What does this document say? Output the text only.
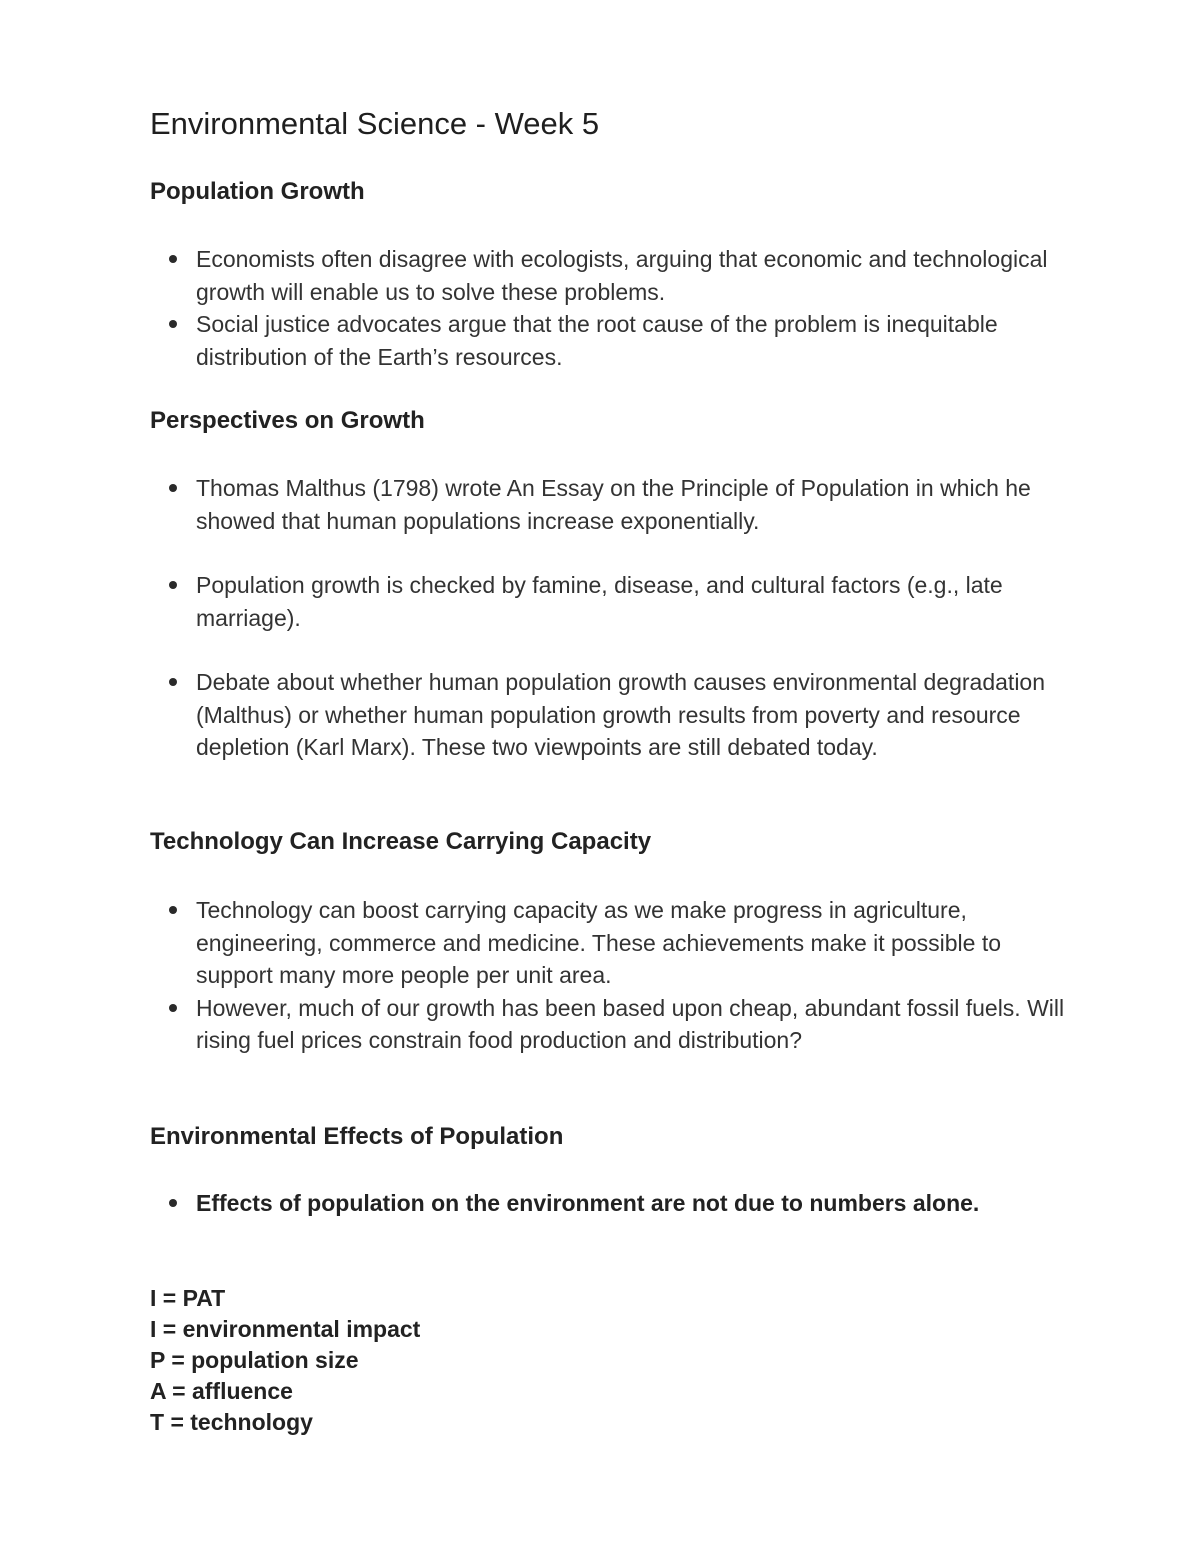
Environmental Science - Week 5
Population Growth
Economists often disagree with ecologists, arguing that economic and technological growth will enable us to solve these problems.
Social justice advocates argue that the root cause of the problem is inequitable distribution of the Earth’s resources.
Perspectives on Growth
Thomas Malthus (1798) wrote An Essay on the Principle of Population in which he showed that human populations increase exponentially.
Population growth is checked by famine, disease, and cultural factors (e.g., late marriage).
Debate about whether human population growth causes environmental degradation (Malthus) or whether human population growth results from poverty and resource depletion (Karl Marx). These two viewpoints are still debated today.
Technology Can Increase Carrying Capacity
Technology can boost carrying capacity as we make progress in agriculture, engineering, commerce and medicine. These achievements make it possible to support many more people per unit area.
However, much of our growth has been based upon cheap, abundant fossil fuels. Will rising fuel prices constrain food production and distribution?
Environmental Effects of Population
Effects of population on the environment are not due to numbers alone.
I = PAT
I = environmental impact
P = population size
A = affluence
T = technology
